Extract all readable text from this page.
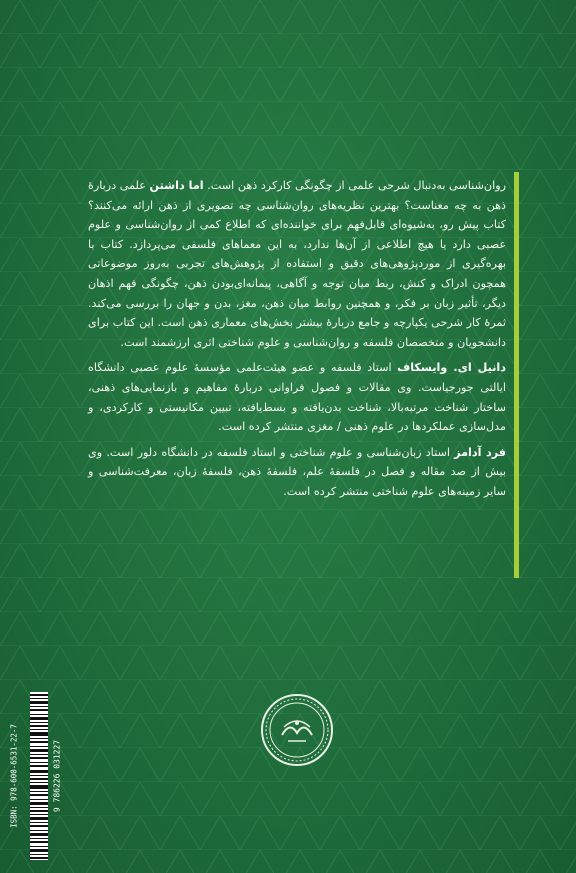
روان‌شناسی به‌دنبال شرحی علمی از چگونگی کارکرد ذهن است. اما داشتن علمی دربارهٔ ذهن به چه معناست؟ بهترین نظریه‌های روان‌شناسی چه تصویری از ذهن ارائه می‌کنند؟ کتاب پیش رو، به‌شیوه‌ای قابل‌فهم برای خواننده‌ای که اطلاع کمی از روان‌شناسی و علوم عصبی دارد یا هیچ اطلاعی از آن‌ها ندارد، به این معماهای فلسفی می‌پردازد. کتاب با بهره‌گیری از موردپژوهی‌های دقیق و استفاده از پژوهش‌های تجربی به‌روز موضوعاتی همچون ادراک و کنش، ربط میان توجه و آگاهی، پیمانه‌ای‌بودن ذهن، چگونگی فهم اذهان دیگر، تأثیر زبان بر فکر، و همچنین روابط میان ذهن، مغز، بدن و جهان را بررسی می‌کند. ثمرهٔ کار شرحی یکپارچه و جامع دربارهٔ بیشتر بخش‌های معماری ذهن است. این کتاب برای دانشجویان و متخصصان فلسفه و روان‌شناسی و علوم شناختی اثری ارزشمند است.

دانیل ای. وایسکاف استاد فلسفه و عضو هیئت‌علمی مؤسسهٔ علوم عصبی دانشگاه ایالتی جورجیاست. وی مقالات و فصول فراوانی دربارهٔ مفاهیم و بازنمایی‌های ذهنی، ساختار شناخت مرتبه‌بالا، شناخت بدن‌یافته و بسط‌یافته، تبیین مکانیستی و کارکردی، و مدل‌سازی عملکردها در علوم ذهنی / مغزی منتشر کرده است.

فرد آدامز استاد زبان‌شناسی و علوم شناختی و استاد فلسفه در دانشگاه دلور است. وی بیش از صد مقاله و فصل در فلسفهٔ علم، فلسفهٔ ذهن، فلسفهٔ زبان، معرفت‌شناسی و سایر زمینه‌های علوم شناختی منتشر کرده است.

ISBN: 978-600-6531-22-7	9 786226 031227
